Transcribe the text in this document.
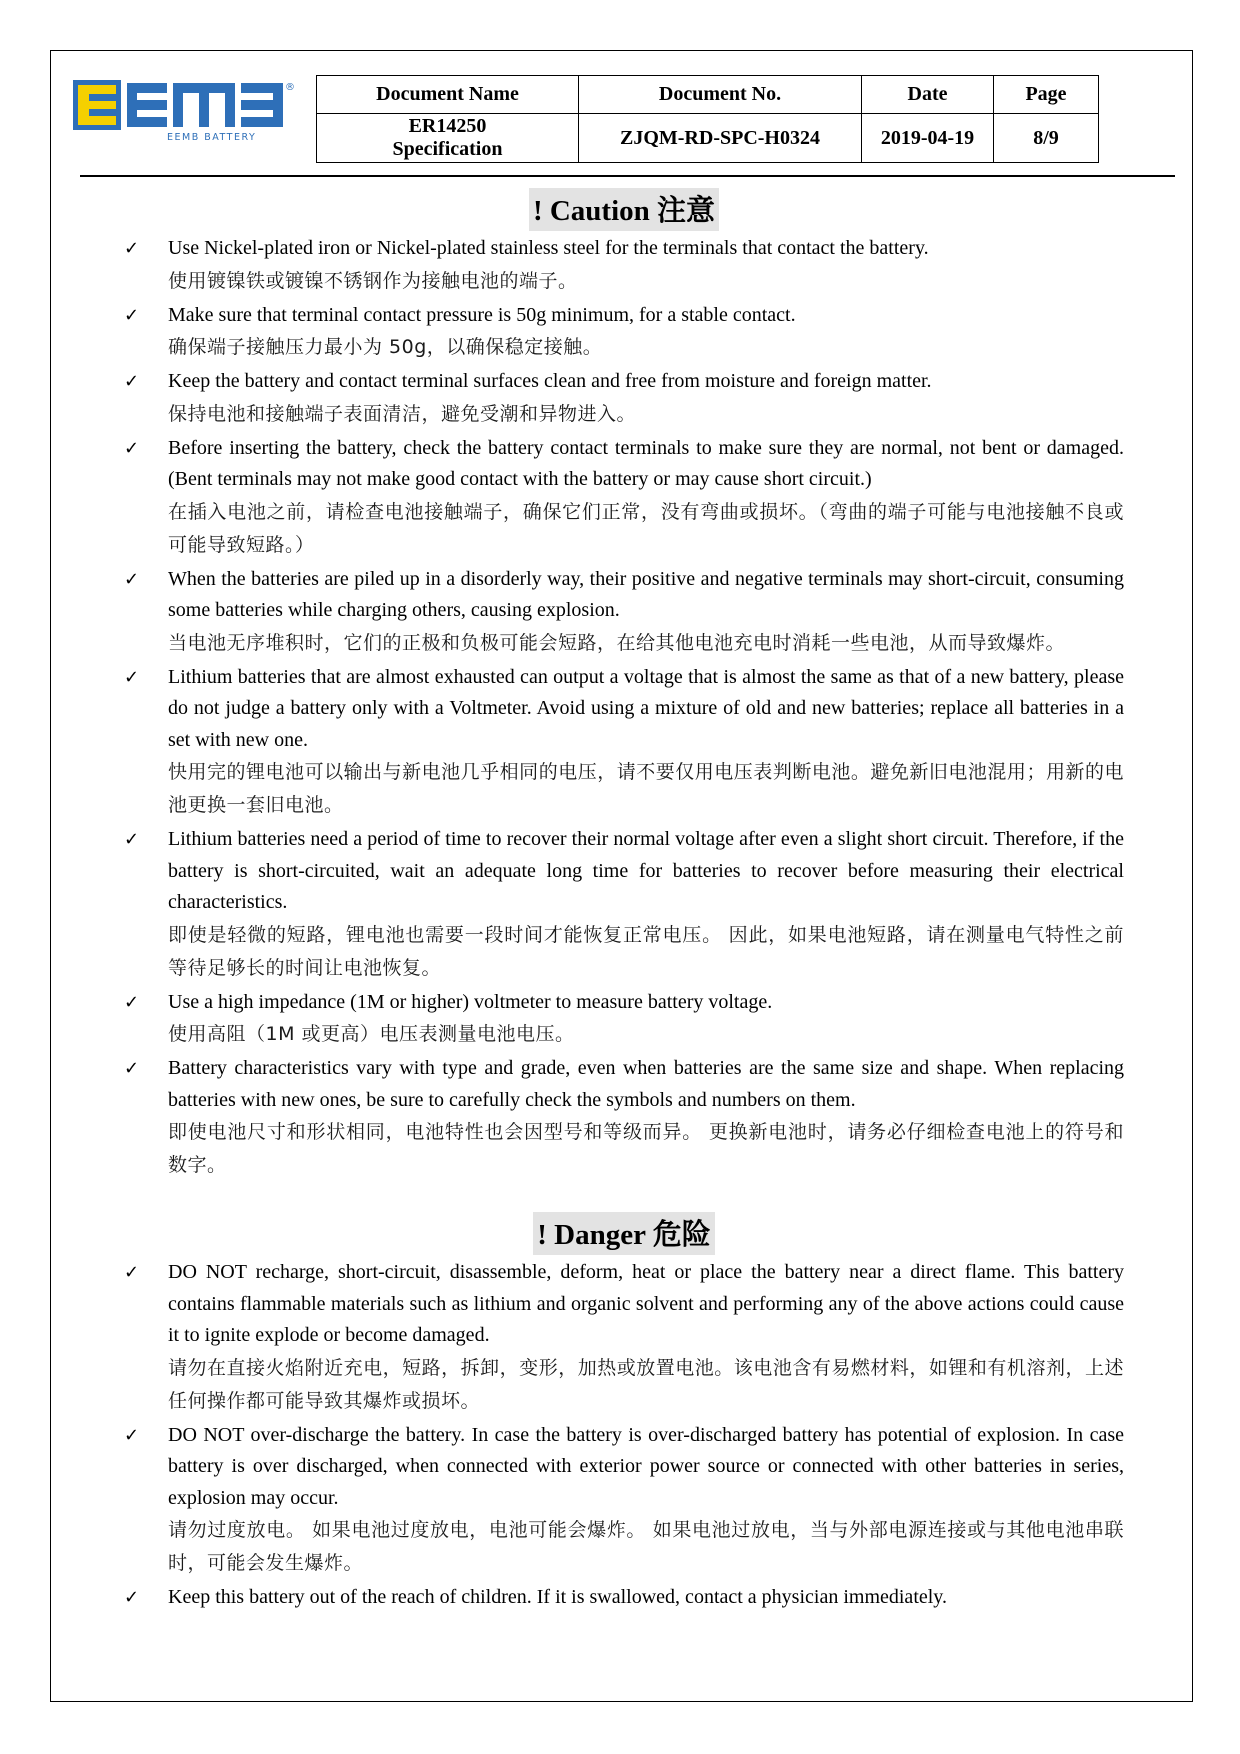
®
EEMB BATTERY
Document Name	Document No.	Date	Page

ER14250
Specification	ZJQM-RD-SPC-H0324	2019-04-19	8/9
! Caution 注意
✓ Use Nickel-plated iron or Nickel-plated stainless steel for the terminals that contact the battery.

使用镀镍铁或镀镍不锈钢作为接触电池的端子。

✓ Make sure that terminal contact pressure is 50g minimum, for a stable contact.

确保端子接触压力最小为 50g，以确保稳定接触。

✓ Keep the battery and contact terminal surfaces clean and free from moisture and foreign matter.

保持电池和接触端子表面清洁，避免受潮和异物进入。

✓ Before inserting the battery, check the battery contact terminals to make sure they are normal, not bent or damaged. (Bent terminals may not make good contact with the battery or may cause short circuit.)

在插入电池之前，请检查电池接触端子，确保它们正常，没有弯曲或损坏。（弯曲的端子可能与电池接触不良或可能导致短路。）

✓ When the batteries are piled up in a disorderly way, their positive and negative terminals may short-circuit, consuming some batteries while charging others, causing explosion.

当电池无序堆积时，它们的正极和负极可能会短路，在给其他电池充电时消耗一些电池，从而导致爆炸。

✓ Lithium batteries that are almost exhausted can output a voltage that is almost the same as that of a new battery, please do not judge a battery only with a Voltmeter. Avoid using a mixture of old and new batteries; replace all batteries in a set with new one.

快用完的锂电池可以输出与新电池几乎相同的电压，请不要仅用电压表判断电池。避免新旧电池混用；用新的电池更换一套旧电池。

✓ Lithium batteries need a period of time to recover their normal voltage after even a slight short circuit. Therefore, if the battery is short-circuited, wait an adequate long time for batteries to recover before measuring their electrical characteristics.

即使是轻微的短路，锂电池也需要一段时间才能恢复正常电压。 因此，如果电池短路，请在测量电气特性之前等待足够长的时间让电池恢复。

✓ Use a high impedance (1M or higher) voltmeter to measure battery voltage.

使用高阻（1M 或更高）电压表测量电池电压。

✓ Battery characteristics vary with type and grade, even when batteries are the same size and shape. When replacing batteries with new ones, be sure to carefully check the symbols and numbers on them.

即使电池尺寸和形状相同，电池特性也会因型号和等级而异。 更换新电池时，请务必仔细检查电池上的符号和数字。

! Danger 危险
✓ DO NOT recharge, short-circuit, disassemble, deform, heat or place the battery near a direct flame. This battery contains flammable materials such as lithium and organic solvent and performing any of the above actions could cause it to ignite explode or become damaged.

请勿在直接火焰附近充电，短路，拆卸，变形，加热或放置电池。该电池含有易燃材料，如锂和有机溶剂，上述任何操作都可能导致其爆炸或损坏。

✓ DO NOT over-discharge the battery. In case the battery is over-discharged battery has potential of explosion. In case battery is over discharged, when connected with exterior power source or connected with other batteries in series, explosion may occur.

请勿过度放电。 如果电池过度放电，电池可能会爆炸。 如果电池过放电，当与外部电源连接或与其他电池串联时，可能会发生爆炸。

✓ Keep this battery out of the reach of children. If it is swallowed, contact a physician immediately.
